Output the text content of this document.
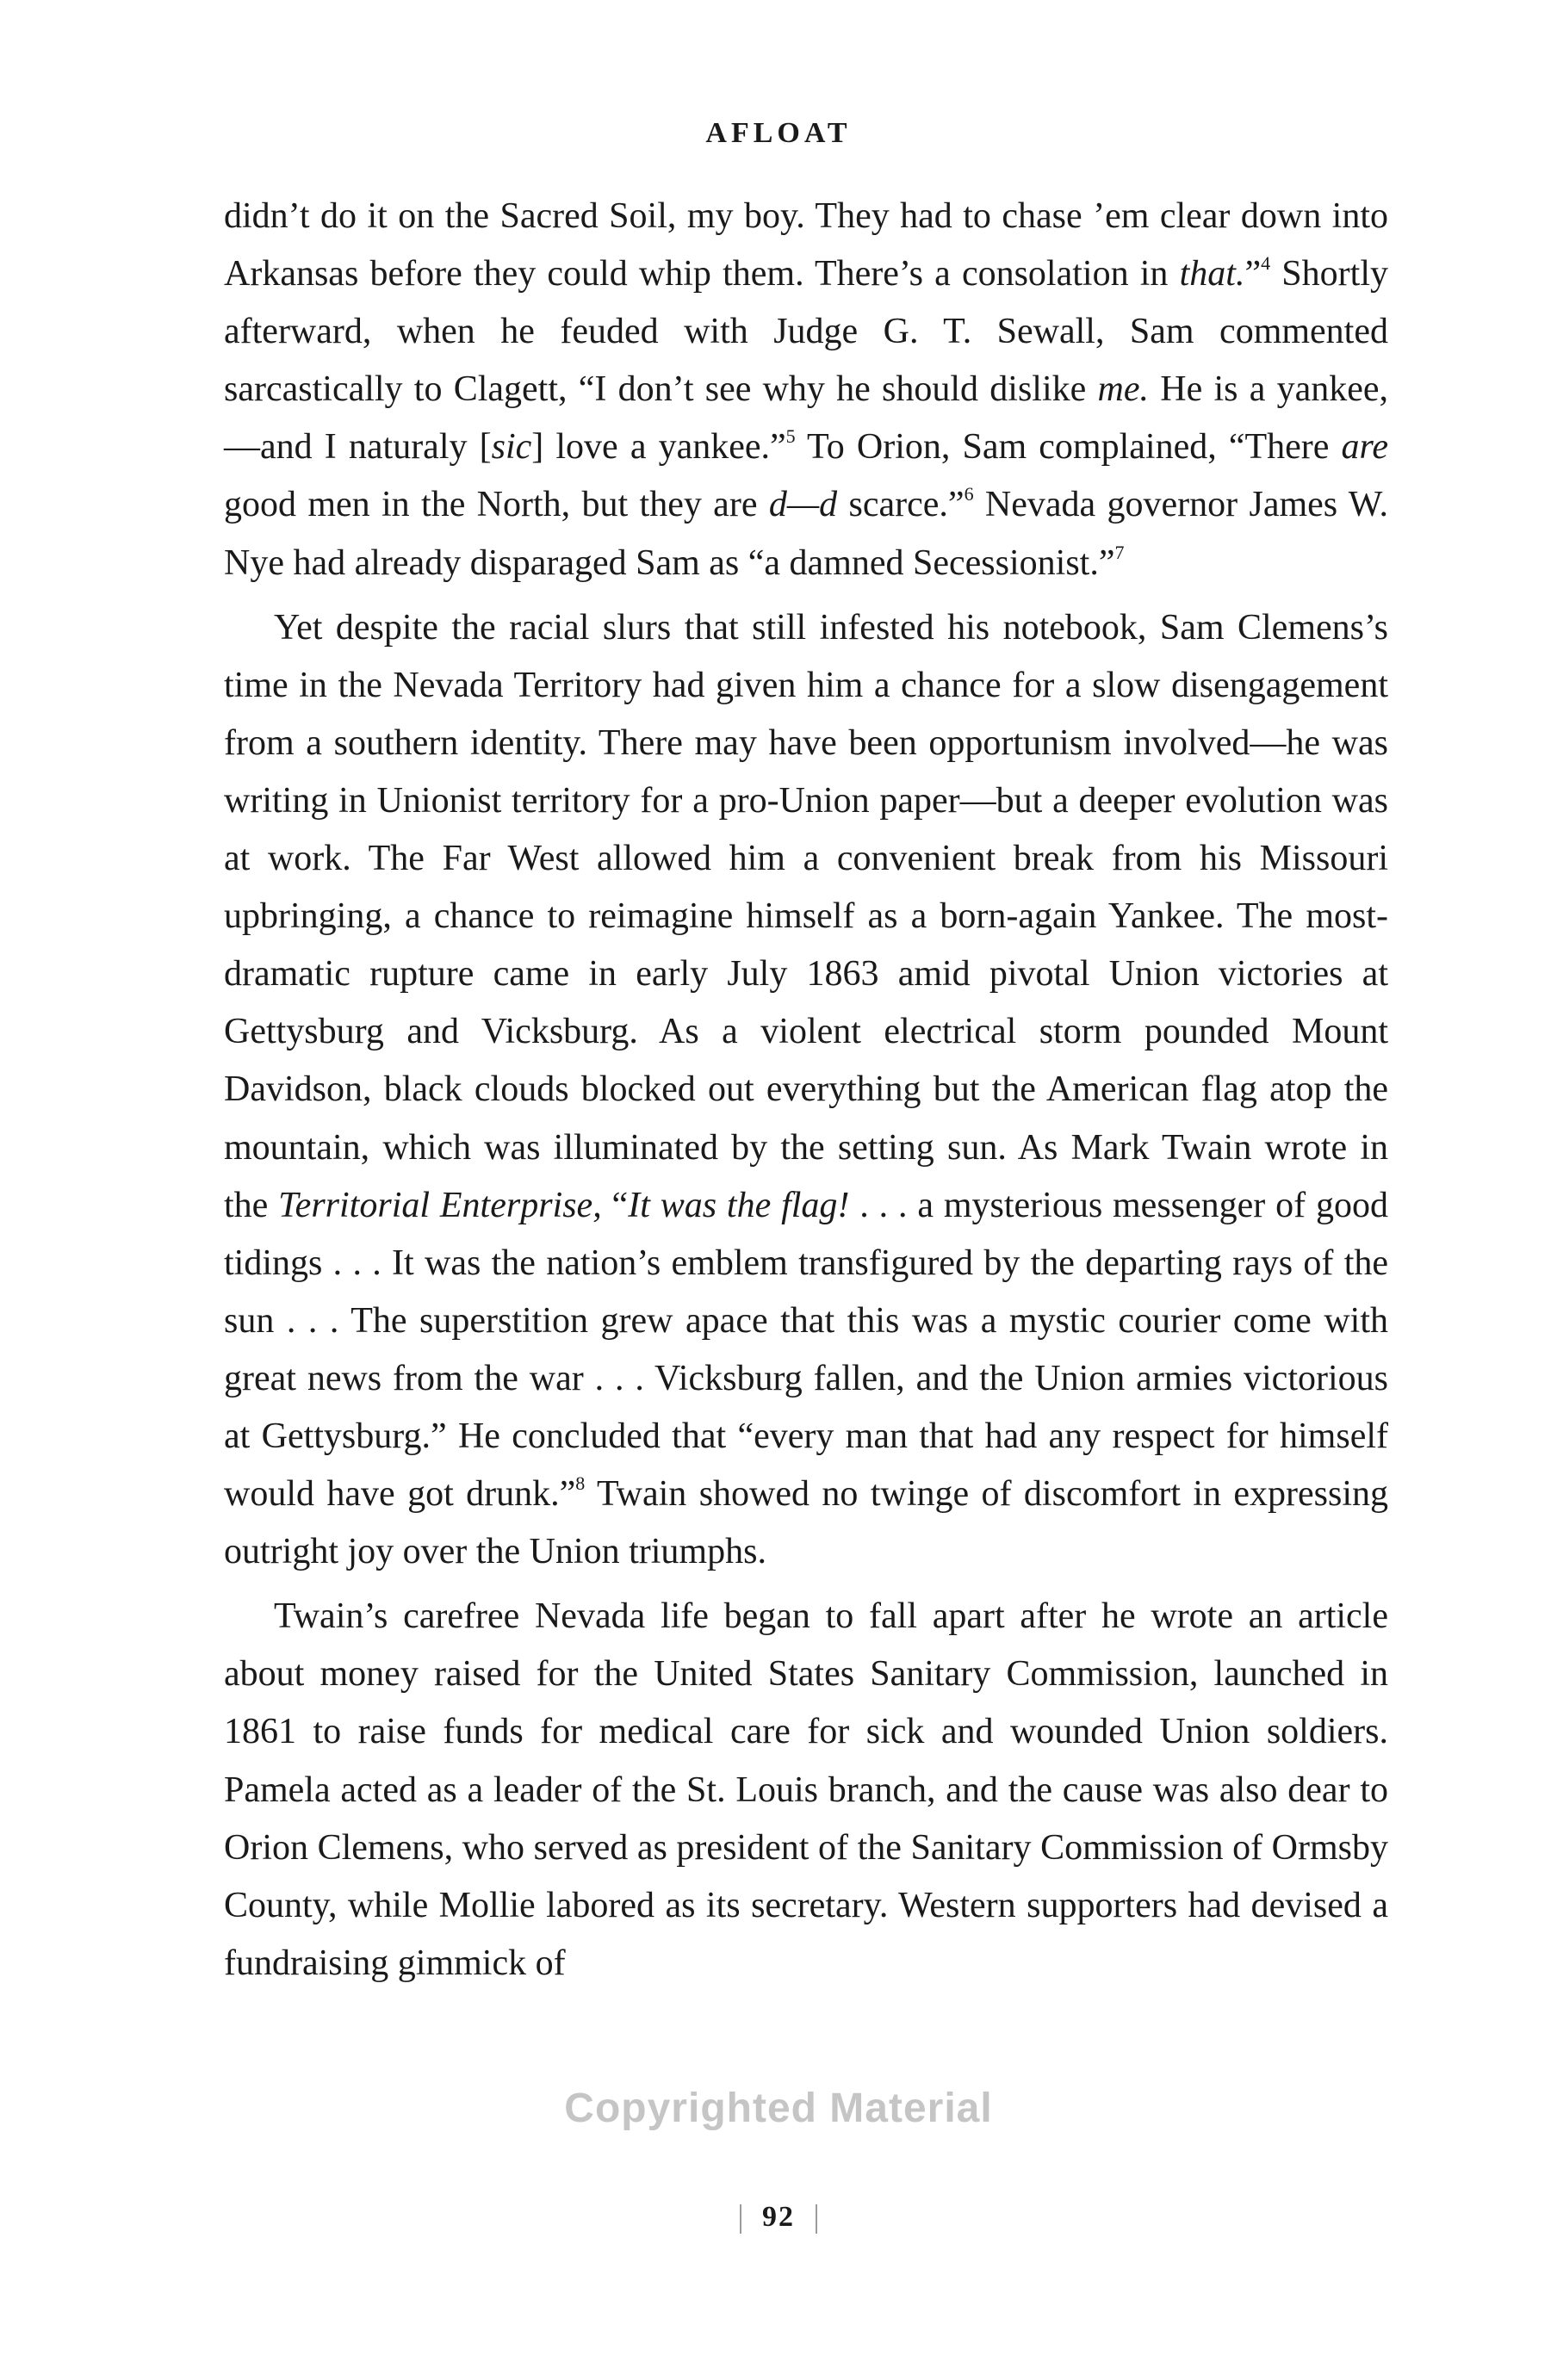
AFLOAT

didn’t do it on the Sacred Soil, my boy. They had to chase ’em clear down into Arkansas before they could whip them. There’s a consolation in that.”$^4$ Shortly afterward, when he feuded with Judge G. T. Sewall, Sam commented sarcastically to Clagett, “I don’t see why he should dislike me. He is a yankee,—and I naturaly [sic] love a yankee.”$^5$ To Orion, Sam complained, “There are good men in the North, but they are d—d scarce.”$^6$ Nevada governor James W. Nye had already disparaged Sam as “a damned Secessionist.”$^7$

Yet despite the racial slurs that still infested his notebook, Sam Clemens’s time in the Nevada Territory had given him a chance for a slow disengagement from a southern identity. There may have been opportunism involved—he was writing in Unionist territory for a pro-Union paper—but a deeper evolution was at work. The Far West allowed him a convenient break from his Missouri upbringing, a chance to reimagine himself as a born-again Yankee. The most-dramatic rupture came in early July 1863 amid pivotal Union victories at Gettysburg and Vicksburg. As a violent electrical storm pounded Mount Davidson, black clouds blocked out everything but the American flag atop the mountain, which was illuminated by the setting sun. As Mark Twain wrote in the Territorial Enterprise, “It was the flag! . . . a mysterious messenger of good tidings . . . It was the nation’s emblem transfigured by the departing rays of the sun . . . The superstition grew apace that this was a mystic courier come with great news from the war . . . Vicksburg fallen, and the Union armies victorious at Gettysburg.” He concluded that “every man that had any respect for himself would have got drunk.”$^8$ Twain showed no twinge of discomfort in expressing outright joy over the Union triumphs.

Twain’s carefree Nevada life began to fall apart after he wrote an article about money raised for the United States Sanitary Commission, launched in 1861 to raise funds for medical care for sick and wounded Union soldiers. Pamela acted as a leader of the St. Louis branch, and the cause was also dear to Orion Clemens, who served as president of the Sanitary Commission of Ormsby County, while Mollie labored as its secretary. Western supporters had devised a fundraising gimmick of

Copyrighted Material
92
